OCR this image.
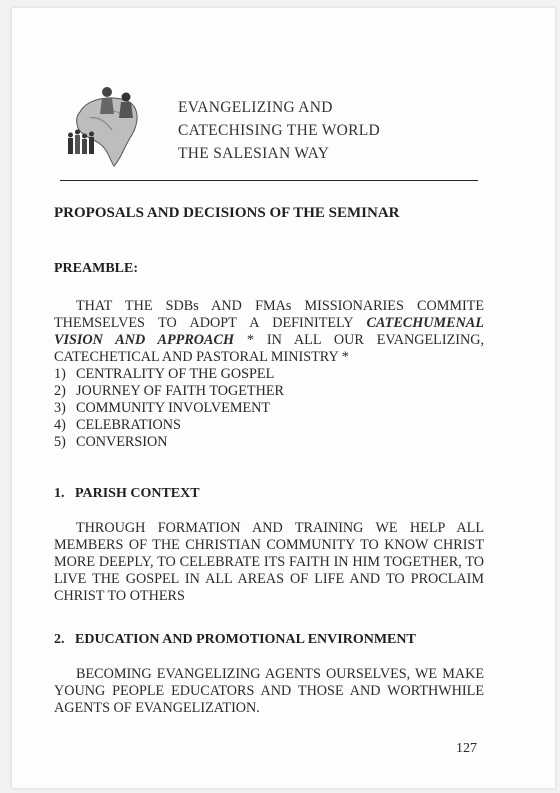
EVANGELIZING AND
CATECHISING THE WORLD
THE SALESIAN WAY
PROPOSALS AND DECISIONS OF THE SEMINAR
PREAMBLE:
THAT THE SDBs AND FMAs MISSIONARIES COMMITE THEMSELVES TO ADOPT A DEFINITELY CATECHUMENAL VISION AND APPROACH * IN ALL OUR EVANGELIZING, CATECHETICAL AND PASTORAL MINISTRY *
1) CENTRALITY OF THE GOSPEL
2) JOURNEY OF FAITH TOGETHER
3) COMMUNITY INVOLVEMENT
4) CELEBRATIONS
5) CONVERSION
1.   PARISH CONTEXT
THROUGH FORMATION AND TRAINING WE HELP ALL MEMBERS OF THE CHRISTIAN COMMUNITY TO KNOW CHRIST MORE DEEPLY, TO CELEBRATE ITS FAITH IN HIM TOGETHER, TO LIVE THE GOSPEL IN ALL AREAS OF LIFE AND TO PROCLAIM CHRIST TO OTHERS
2.   EDUCATION AND PROMOTIONAL ENVIRONMENT
BECOMING EVANGELIZING AGENTS OURSELVES, WE MAKE YOUNG PEOPLE EDUCATORS AND THOSE AND WORTHWHILE AGENTS OF EVANGELIZATION.
127
